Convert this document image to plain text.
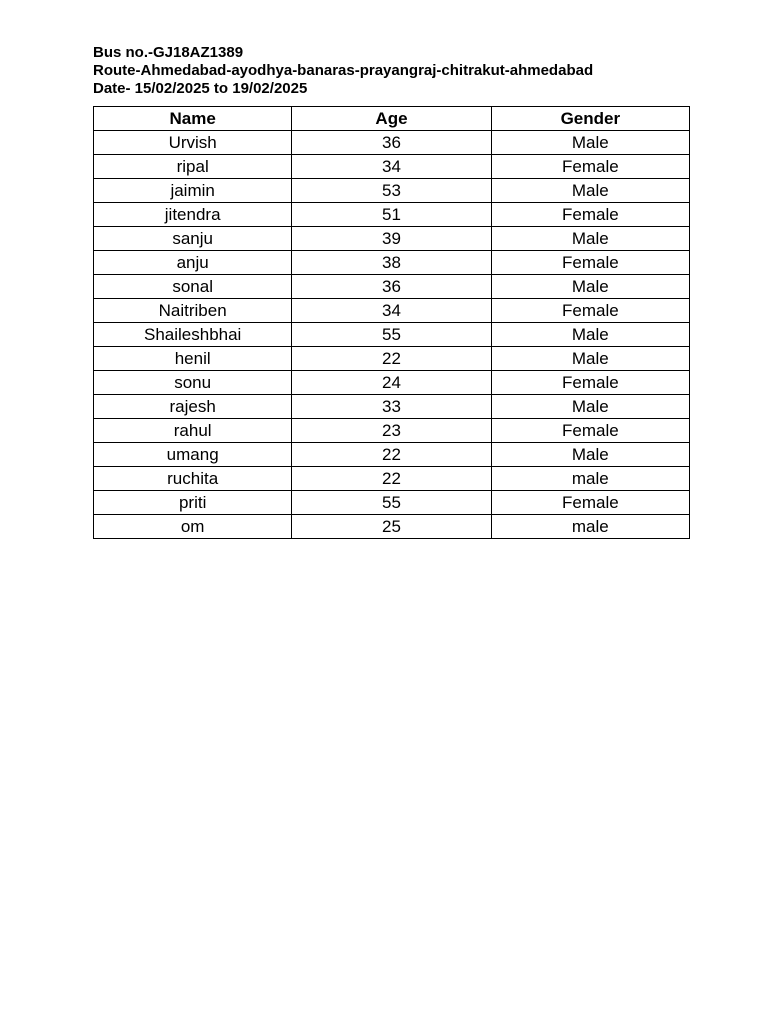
Bus no.-GJ18AZ1389
Route-Ahmedabad-ayodhya-banaras-prayangraj-chitrakut-ahmedabad
Date- 15/02/2025 to 19/02/2025
Name	Age	Gender
Urvish	36	Male
ripal	34	Female
jaimin	53	Male
jitendra	51	Female
sanju	39	Male
anju	38	Female
sonal	36	Male
Naitriben	34	Female
Shaileshbhai	55	Male
henil	22	Male
sonu	24	Female
rajesh	33	Male
rahul	23	Female
umang	22	Male
ruchita	22	male
priti	55	Female
om	25	male
